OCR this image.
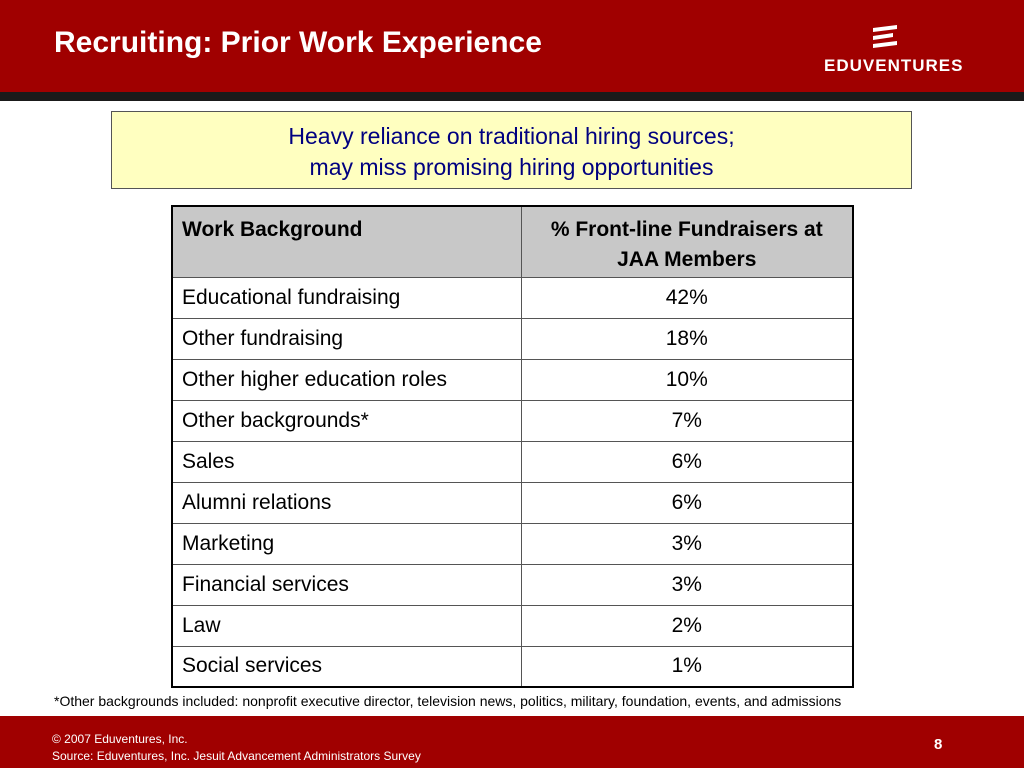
Recruiting: Prior Work Experience
EDUVENTURES
Heavy reliance on traditional hiring sources;
may miss promising hiring opportunities
Work Background	% Front-line Fundraisers at JAA Members
Educational fundraising	42%
Other fundraising	18%
Other higher education roles	10%
Other backgrounds*	7%
Sales	6%
Alumni relations	6%
Marketing	3%
Financial services	3%
Law	2%
Social services	1%
*Other backgrounds included: nonprofit executive director, television news, politics, military, foundation, events, and admissions
© 2007 Eduventures, Inc.
Source: Eduventures, Inc. Jesuit Advancement Administrators Survey
8
